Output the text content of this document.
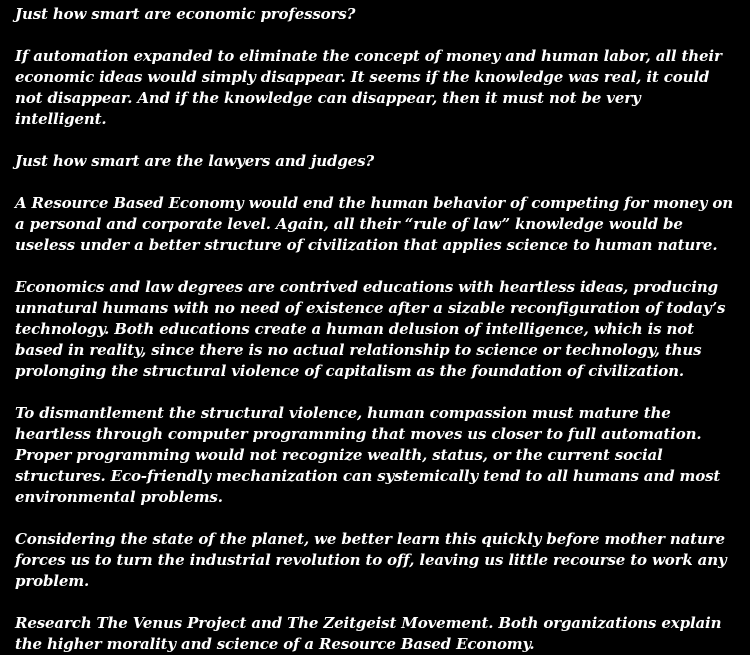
Just how smart are economic professors?

If automation expanded to eliminate the concept of money and human labor, all their economic ideas would simply disappear. It seems if the knowledge was real, it could not disappear. And if the knowledge can disappear, then it must not be very intelligent.

Just how smart are the lawyers and judges?

A Resource Based Economy would end the human behavior of competing for money on a personal and corporate level. Again, all their “rule of law” knowledge would be useless under a better structure of civilization that applies science to human nature.

Economics and law degrees are contrived educations with heartless ideas, producing unnatural humans with no need of existence after a sizable reconfiguration of today’s technology. Both educations create a human delusion of intelligence, which is not based in reality, since there is no actual relationship to science or technology, thus prolonging the structural violence of capitalism as the foundation of civilization.

To dismantlement the structural violence, human compassion must mature the heartless through computer programming that moves us closer to full automation. Proper programming would not recognize wealth, status, or the current social structures. Eco-friendly mechanization can systemically tend to all humans and most environmental problems.

Considering the state of the planet, we better learn this quickly before mother nature forces us to turn the industrial revolution to off, leaving us little recourse to work any problem.

Research The Venus Project and The Zeitgeist Movement. Both organizations explain the higher morality and science of a Resource Based Economy.
